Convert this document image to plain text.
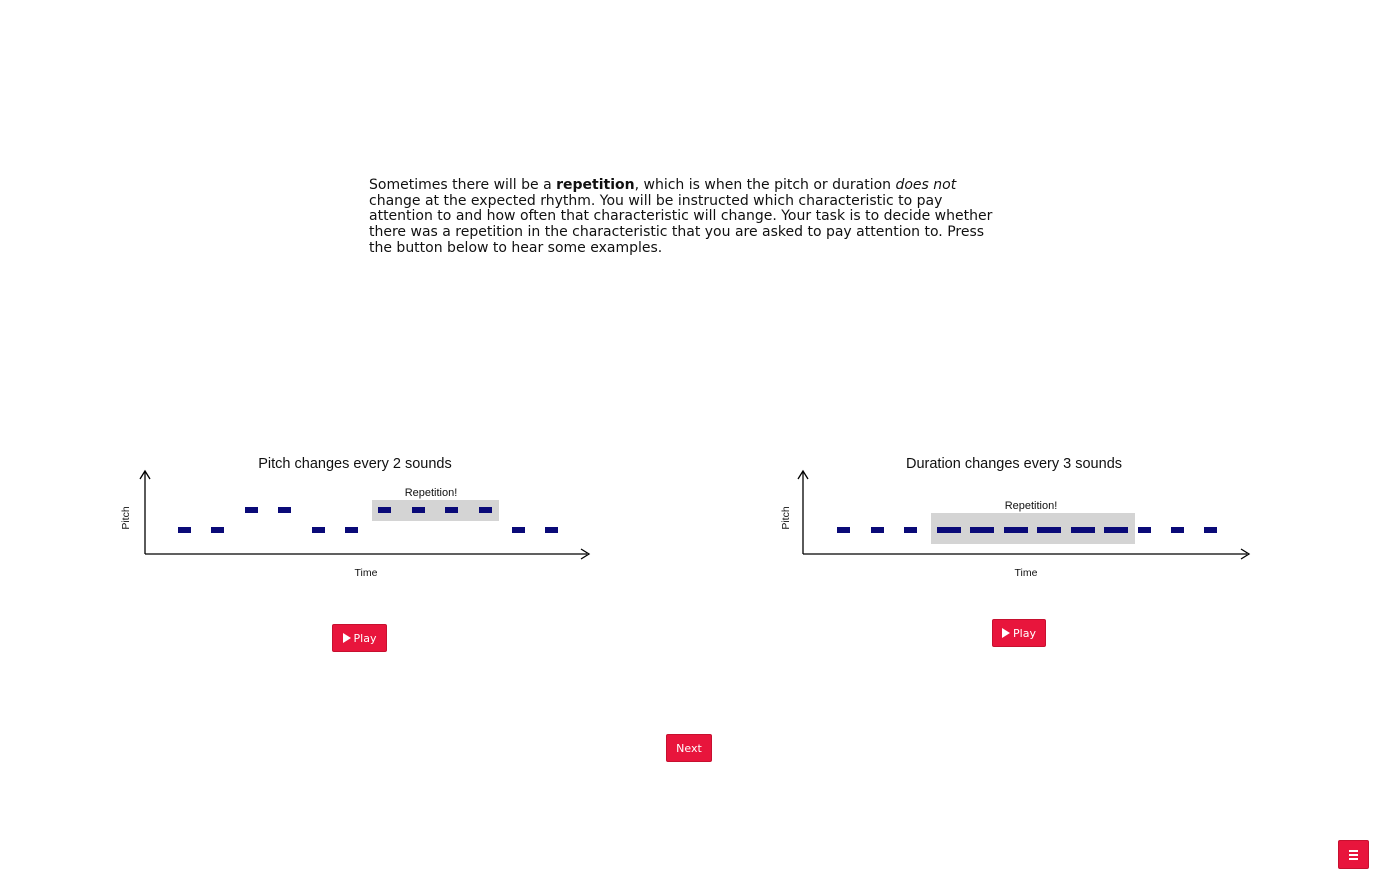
Sometimes there will be a repetition, which is when the pitch or duration does not change at the expected rhythm. You will be instructed which characteristic to pay attention to and how often that characteristic will change. Your task is to decide whether there was a repetition in the characteristic that you are asked to pay attention to. Press the button below to hear some examples.

Pitch changes every 2 sounds
Repetition!
Pitch
Time
Duration changes every 3 sounds
Repetition!
Pitch
Time
Play	Play
Next
